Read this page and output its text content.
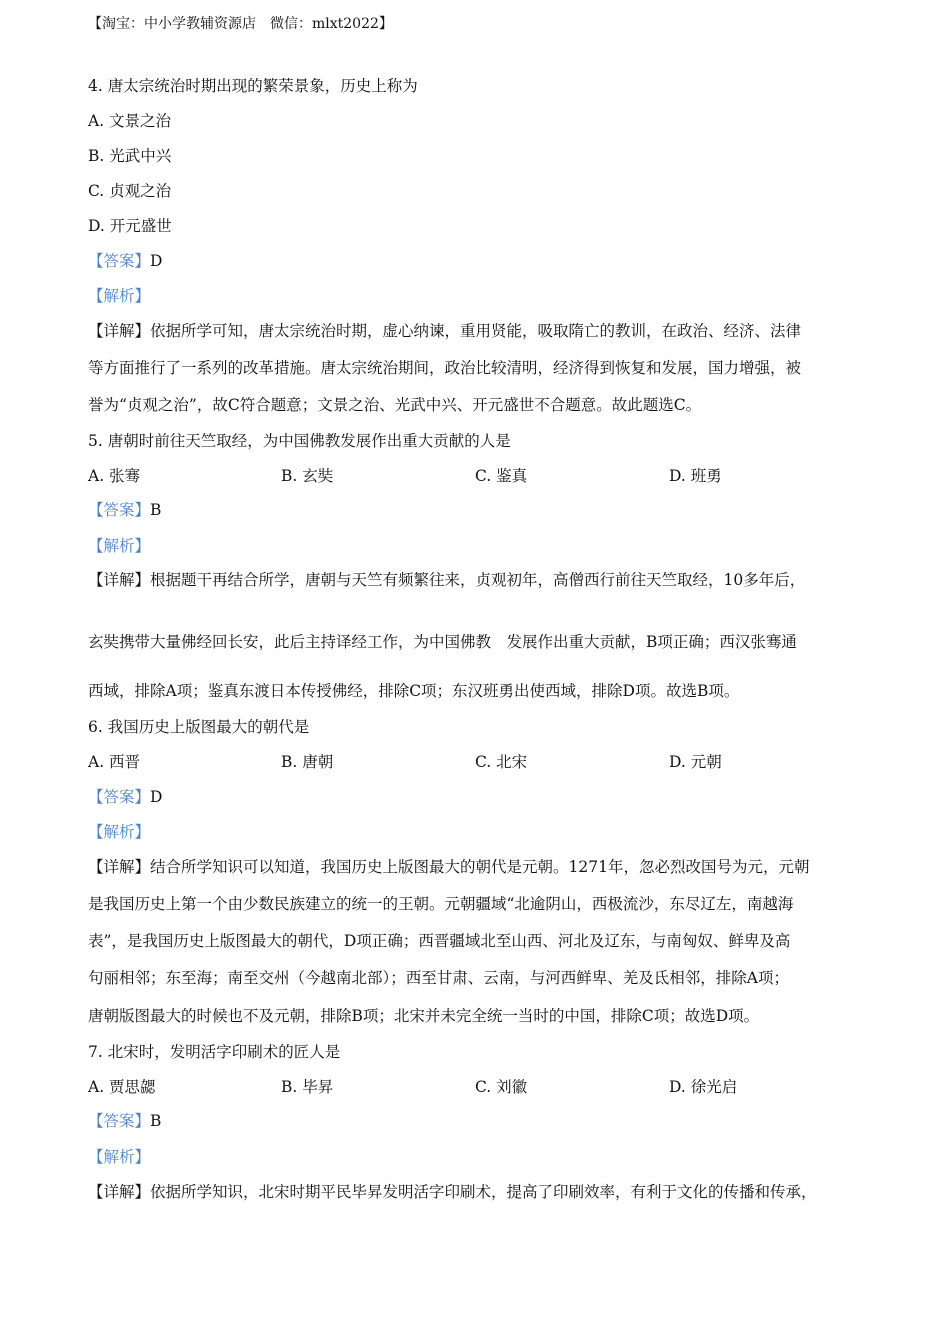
【淘宝：中小学教辅资源店　微信：mlxt2022】
4. 唐太宗统治时期出现的繁荣景象，历史上称为
A. 文景之治
B. 光武中兴
C. 贞观之治
D. 开元盛世
【答案】D
【解析】
【详解】依据所学可知，唐太宗统治时期，虚心纳谏，重用贤能，吸取隋亡的教训，在政治、经济、法律
等方面推行了一系列的改革措施。唐太宗统治期间，政治比较清明，经济得到恢复和发展，国力增强，被
誉为“贞观之治”，故C符合题意；文景之治、光武中兴、开元盛世不合题意。故此题选C。
5. 唐朝时前往天竺取经，为中国佛教发展作出重大贡献的人是
A. 张骞	B. 玄奘	C. 鉴真	D. 班勇
【答案】B
【解析】
【详解】根据题干再结合所学，唐朝与天竺有频繁往来，贞观初年，高僧西行前往天竺取经，10多年后，
玄奘携带大量佛经回长安，此后主持译经工作，为中国佛教　发展作出重大贡献，B项正确；西汉张骞通
西域，排除A项；鉴真东渡日本传授佛经，排除C项；东汉班勇出使西域，排除D项。故选B项。
6. 我国历史上版图最大的朝代是
A. 西晋	B. 唐朝	C. 北宋	D. 元朝
【答案】D
【解析】
【详解】结合所学知识可以知道，我国历史上版图最大的朝代是元朝。1271年，忽必烈改国号为元，元朝
是我国历史上第一个由少数民族建立的统一的王朝。元朝疆域“北逾阴山，西极流沙，东尽辽左，南越海
表”，是我国历史上版图最大的朝代，D项正确；西晋疆域北至山西、河北及辽东，与南匈奴、鲜卑及高
句丽相邻；东至海；南至交州（今越南北部）；西至甘肃、云南，与河西鲜卑、羌及氐相邻，排除A项；
唐朝版图最大的时候也不及元朝，排除B项；北宋并未完全统一当时的中国，排除C项；故选D项。
7. 北宋时，发明活字印刷术的匠人是
A. 贾思勰	B. 毕昇	C. 刘徽	D. 徐光启
【答案】B
【解析】
【详解】依据所学知识，北宋时期平民毕昇发明活字印刷术，提高了印刷效率，有利于文化的传播和传承，
